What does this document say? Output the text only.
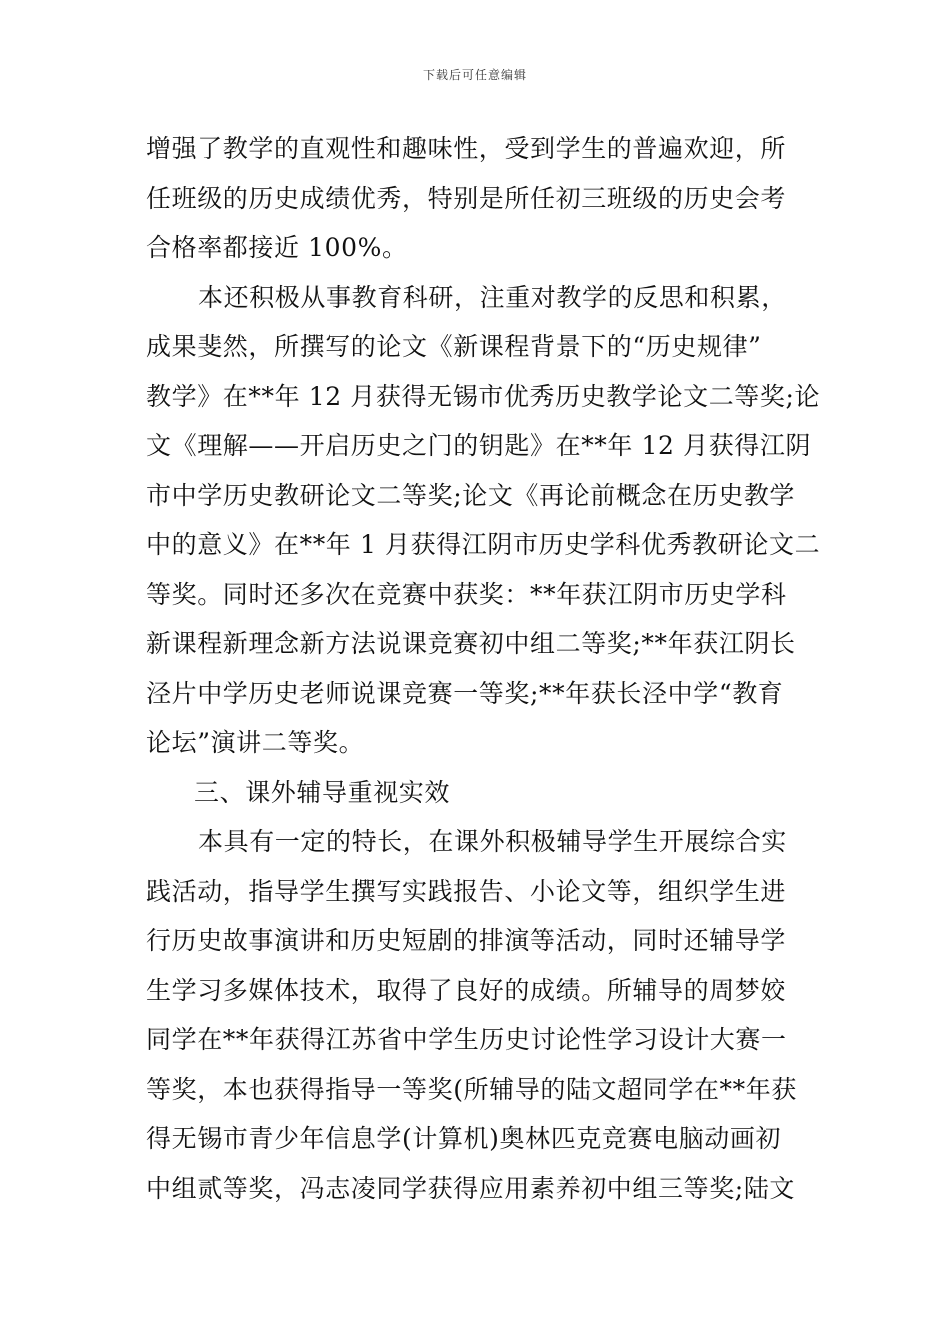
下载后可任意编辑
增强了教学的直观性和趣味性，受到学生的普遍欢迎，所
任班级的历史成绩优秀，特别是所任初三班级的历史会考
合格率都接近 100%。
本还积极从事教育科研，注重对教学的反思和积累，
成果斐然，所撰写的论文《新课程背景下的“历史规律”
教学》在**年 12 月获得无锡市优秀历史教学论文二等奖;论
文《理解——开启历史之门的钥匙》在**年 12 月获得江阴
市中学历史教研论文二等奖;论文《再论前概念在历史教学
中的意义》在**年 1 月获得江阴市历史学科优秀教研论文二
等奖。同时还多次在竞赛中获奖：**年获江阴市历史学科
新课程新理念新方法说课竞赛初中组二等奖;**年获江阴长
泾片中学历史老师说课竞赛一等奖;**年获长泾中学“教育
论坛”演讲二等奖。
三、课外辅导重视实效
本具有一定的特长，在课外积极辅导学生开展综合实
践活动，指导学生撰写实践报告、小论文等，组织学生进
行历史故事演讲和历史短剧的排演等活动，同时还辅导学
生学习多媒体技术，取得了良好的成绩。所辅导的周梦姣
同学在**年获得江苏省中学生历史讨论性学习设计大赛一
等奖，本也获得指导一等奖(所辅导的陆文超同学在**年获
得无锡市青少年信息学(计算机)奥林匹克竞赛电脑动画初
中组贰等奖，冯志凌同学获得应用素养初中组三等奖;陆文
